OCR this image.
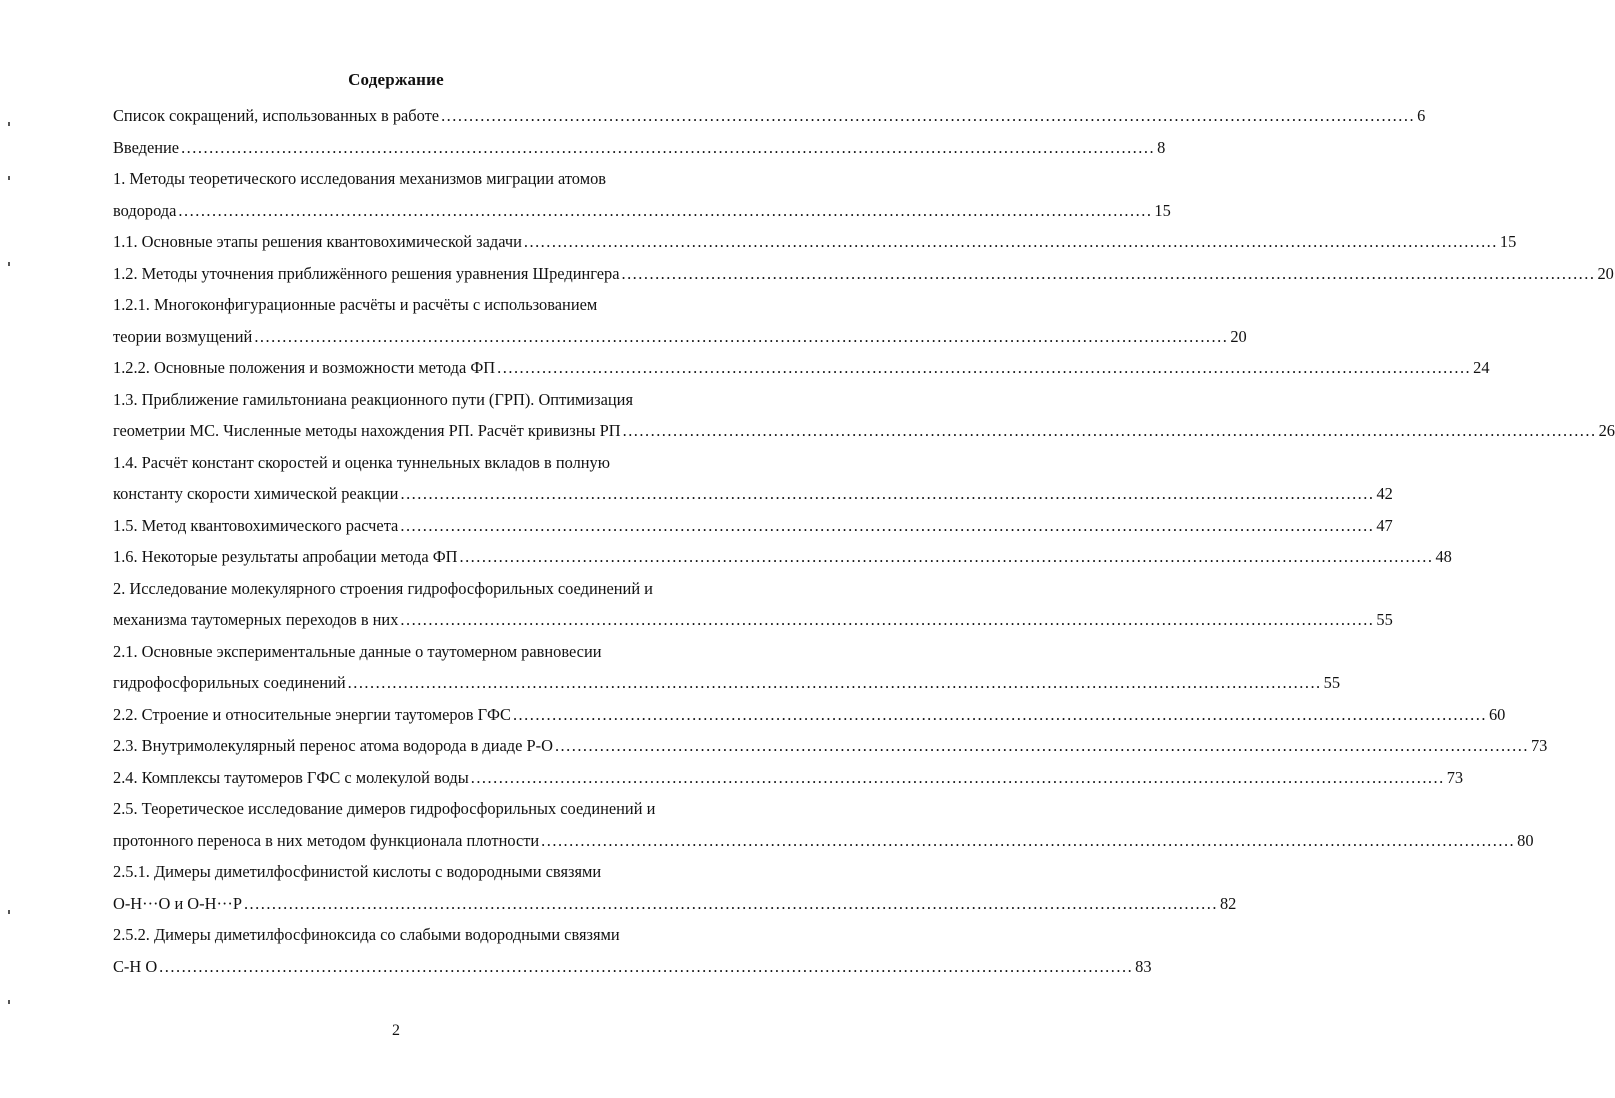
Содержание
Список сокращений, использованных в работе .....	6
Введение .....	8
1. Методы теоретического исследования механизмов миграции атомов
водорода .....	15
1.1. Основные этапы решения квантовохимической задачи .....	15
1.2. Методы уточнения приближённого решения уравнения Шредингера .....	20
1.2.1. Многоконфигурационные расчёты и расчёты с использованием
теории возмущений .....	20
1.2.2. Основные положения и возможности метода ФП .....	24
1.3. Приближение гамильтониана реакционного пути (ГРП). Оптимизация
геометрии МС. Численные методы нахождения РП. Расчёт кривизны РП .....	26
1.4. Расчёт констант скоростей и оценка туннельных вкладов в полную
константу скорости химической реакции .....	42
1.5. Метод квантовохимического расчета .....	47
1.6. Некоторые результаты апробации метода ФП .....	48
2. Исследование молекулярного строения гидрофосфорильных соединений и
механизма таутомерных переходов в них .....	55
2.1. Основные экспериментальные данные о таутомерном равновесии
гидрофосфорильных соединений .....	55
2.2. Строение и относительные энергии таутомеров ГФС .....	60
2.3. Внутримолекулярный перенос атома водорода в диаде Р-О .....	73
2.4. Комплексы таутомеров ГФС с молекулой воды .....	73
2.5. Теоретическое исследование димеров гидрофосфорильных соединений и
протонного переноса в них методом функционала плотности .....	80
2.5.1. Димеры диметилфосфинистой кислоты с водородными связями
О-Н···О и О-Н···Р .....	82
2.5.2. Димеры диметилфосфиноксида со слабыми водородными связями
С-Н О .....	83
2
